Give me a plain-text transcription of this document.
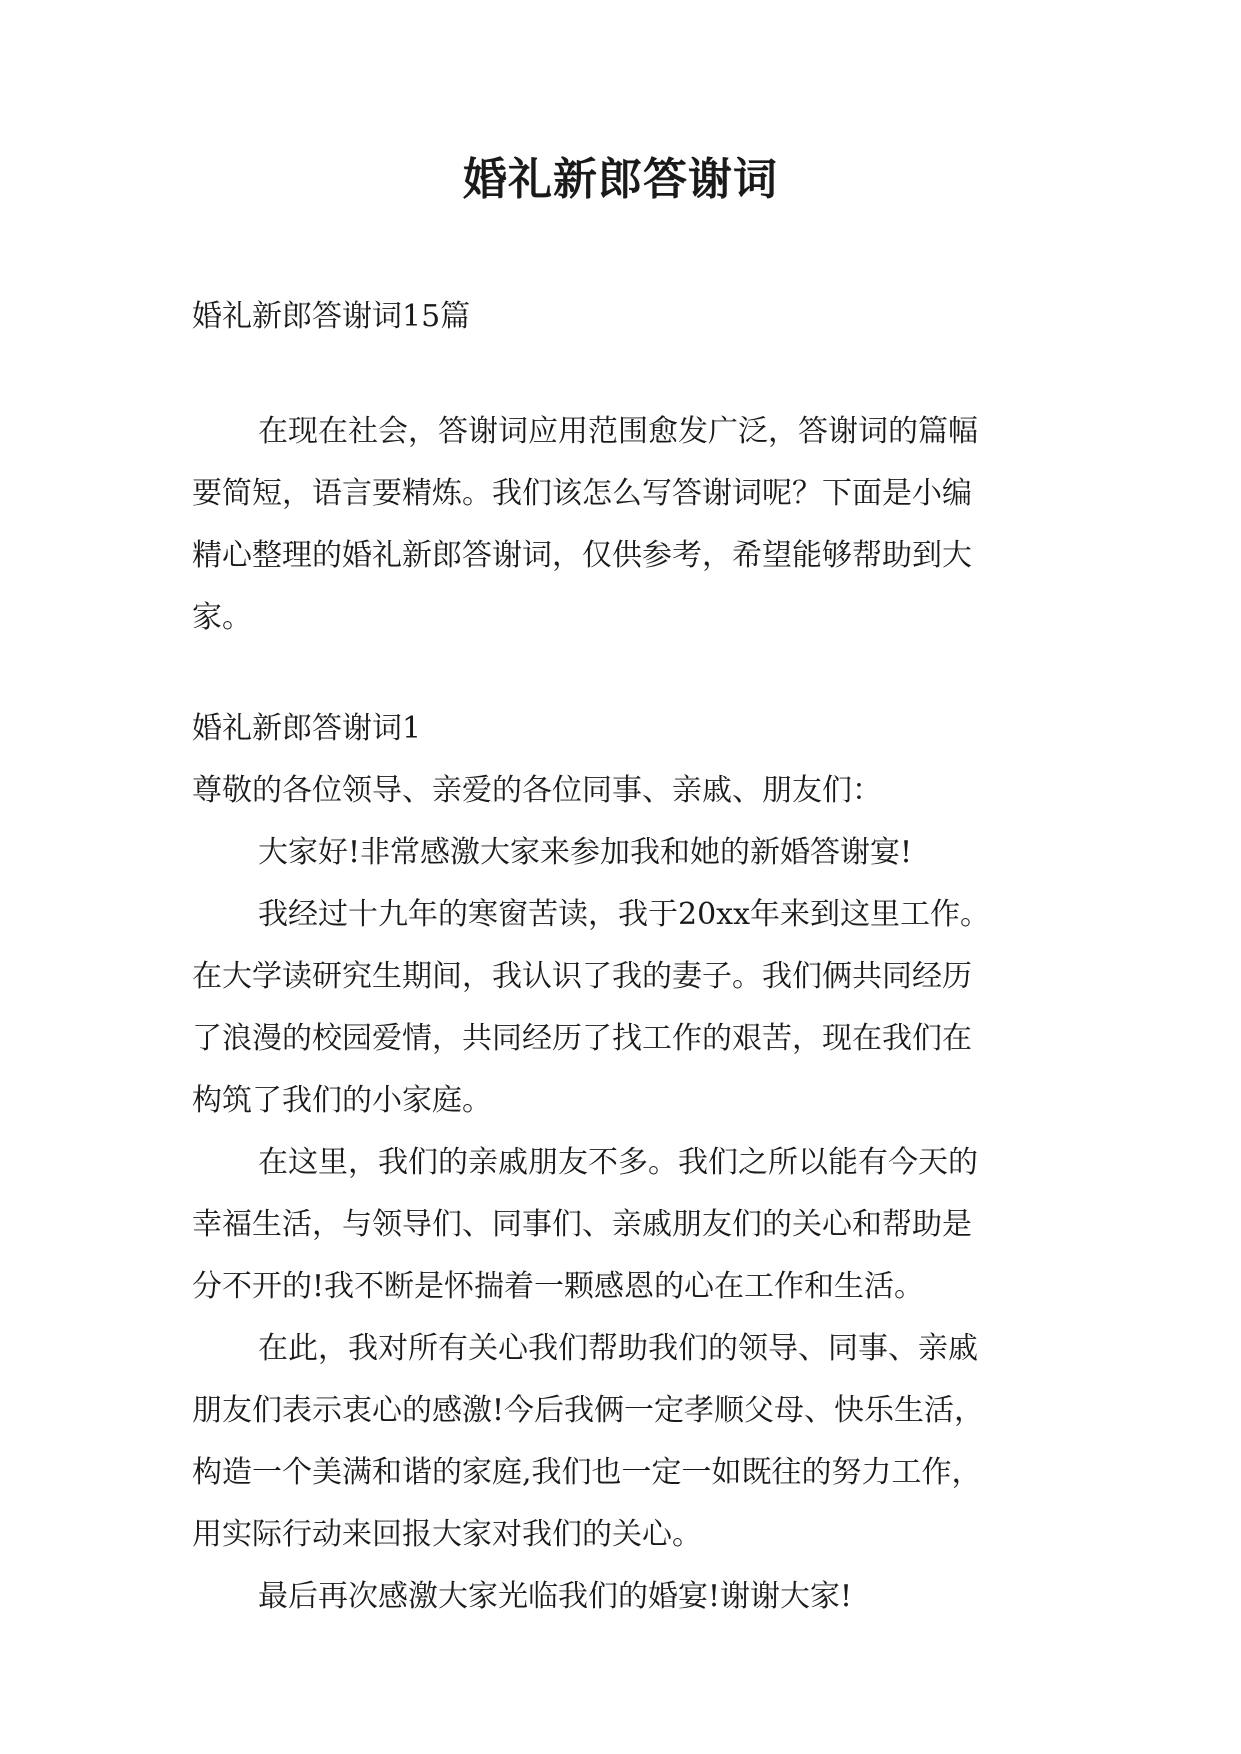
婚礼新郎答谢词
婚礼新郎答谢词15篇
在现在社会，答谢词应用范围愈发广泛，答谢词的篇幅
要简短，语言要精炼。我们该怎么写答谢词呢？下面是小编
精心整理的婚礼新郎答谢词，仅供参考，希望能够帮助到大
家。
婚礼新郎答谢词1
尊敬的各位领导、亲爱的各位同事、亲戚、朋友们：
大家好!非常感激大家来参加我和她的新婚答谢宴!
我经过十九年的寒窗苦读，我于20xx年来到这里工作。
在大学读研究生期间，我认识了我的妻子。我们俩共同经历
了浪漫的校园爱情，共同经历了找工作的艰苦，现在我们在
构筑了我们的小家庭。
在这里，我们的亲戚朋友不多。我们之所以能有今天的
幸福生活，与领导们、同事们、亲戚朋友们的关心和帮助是
分不开的!我不断是怀揣着一颗感恩的心在工作和生活。
在此，我对所有关心我们帮助我们的领导、同事、亲戚
朋友们表示衷心的感激!今后我俩一定孝顺父母、快乐生活，
构造一个美满和谐的家庭,我们也一定一如既往的努力工作，
用实际行动来回报大家对我们的关心。
最后再次感激大家光临我们的婚宴!谢谢大家!
